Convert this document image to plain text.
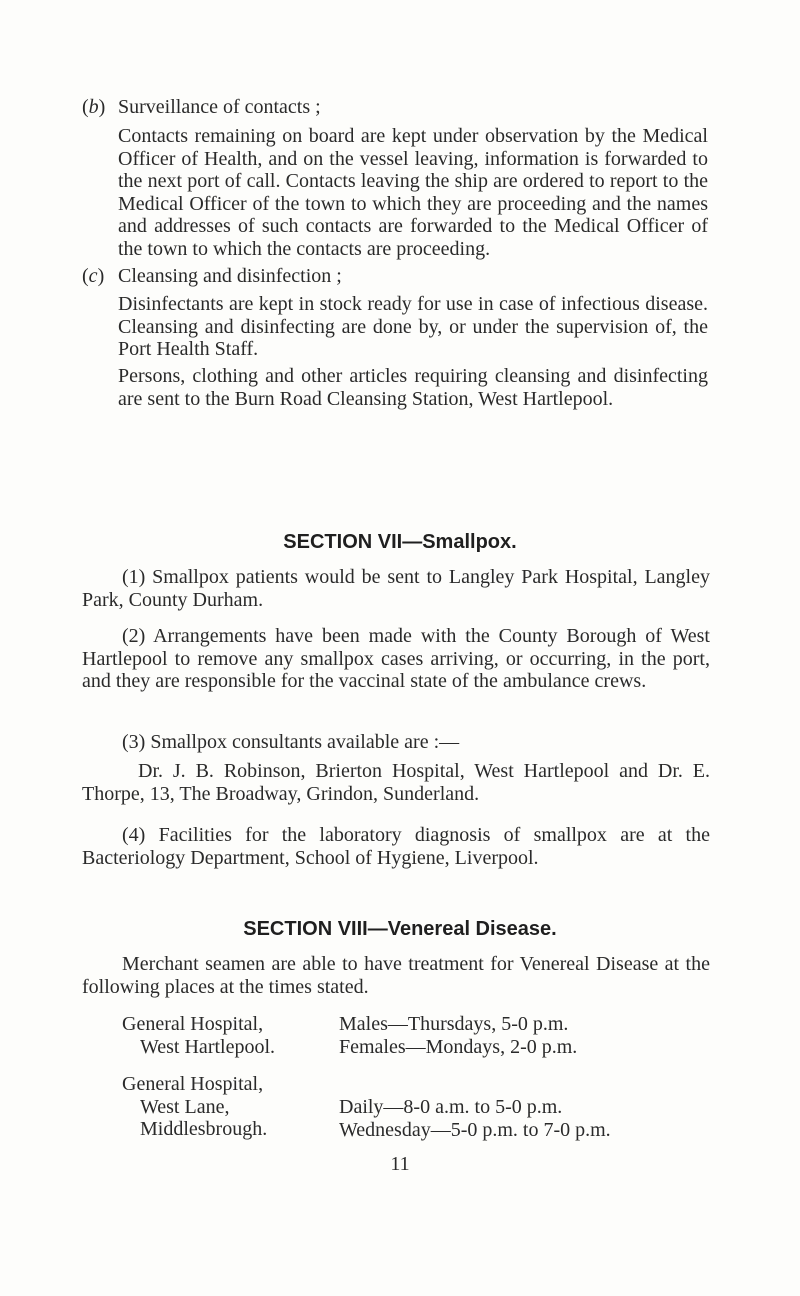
(b) Surveillance of contacts ;

Contacts remaining on board are kept under observation by the Medical Officer of Health, and on the vessel leaving, information is forwarded to the next port of call. Contacts leaving the ship are ordered to report to the Medical Officer of the town to which they are proceeding and the names and addresses of such contacts are forwarded to the Medical Officer of the town to which the contacts are proceeding.

(c) Cleansing and disinfection ;

Disinfectants are kept in stock ready for use in case of infectious disease. Cleansing and disinfecting are done by, or under the supervision of, the Port Health Staff.

Persons, clothing and other articles requiring cleansing and disinfecting are sent to the Burn Road Cleansing Station, West Hartlepool.

SECTION VII—Smallpox.

(1) Smallpox patients would be sent to Langley Park Hospital, Langley Park, County Durham.

(2) Arrangements have been made with the County Borough of West Hartlepool to remove any smallpox cases arriving, or occurring, in the port, and they are responsible for the vaccinal state of the ambulance crews.

(3) Smallpox consultants available are :—

Dr. J. B. Robinson, Brierton Hospital, West Hartlepool and Dr. E. Thorpe, 13, The Broadway, Grindon, Sunderland.

(4) Facilities for the laboratory diagnosis of smallpox are at the Bacteriology Department, School of Hygiene, Liverpool.

SECTION VIII—Venereal Disease.

Merchant seamen are able to have treatment for Venereal Disease at the following places at the times stated.

General Hospital,
West Hartlepool.
Males—Thursdays, 5-0 p.m.
Females—Mondays, 2-0 p.m.
General Hospital,
West Lane,
Middlesbrough.
Daily—8-0 a.m. to 5-0 p.m.
Wednesday—5-0 p.m. to 7-0 p.m.

11
